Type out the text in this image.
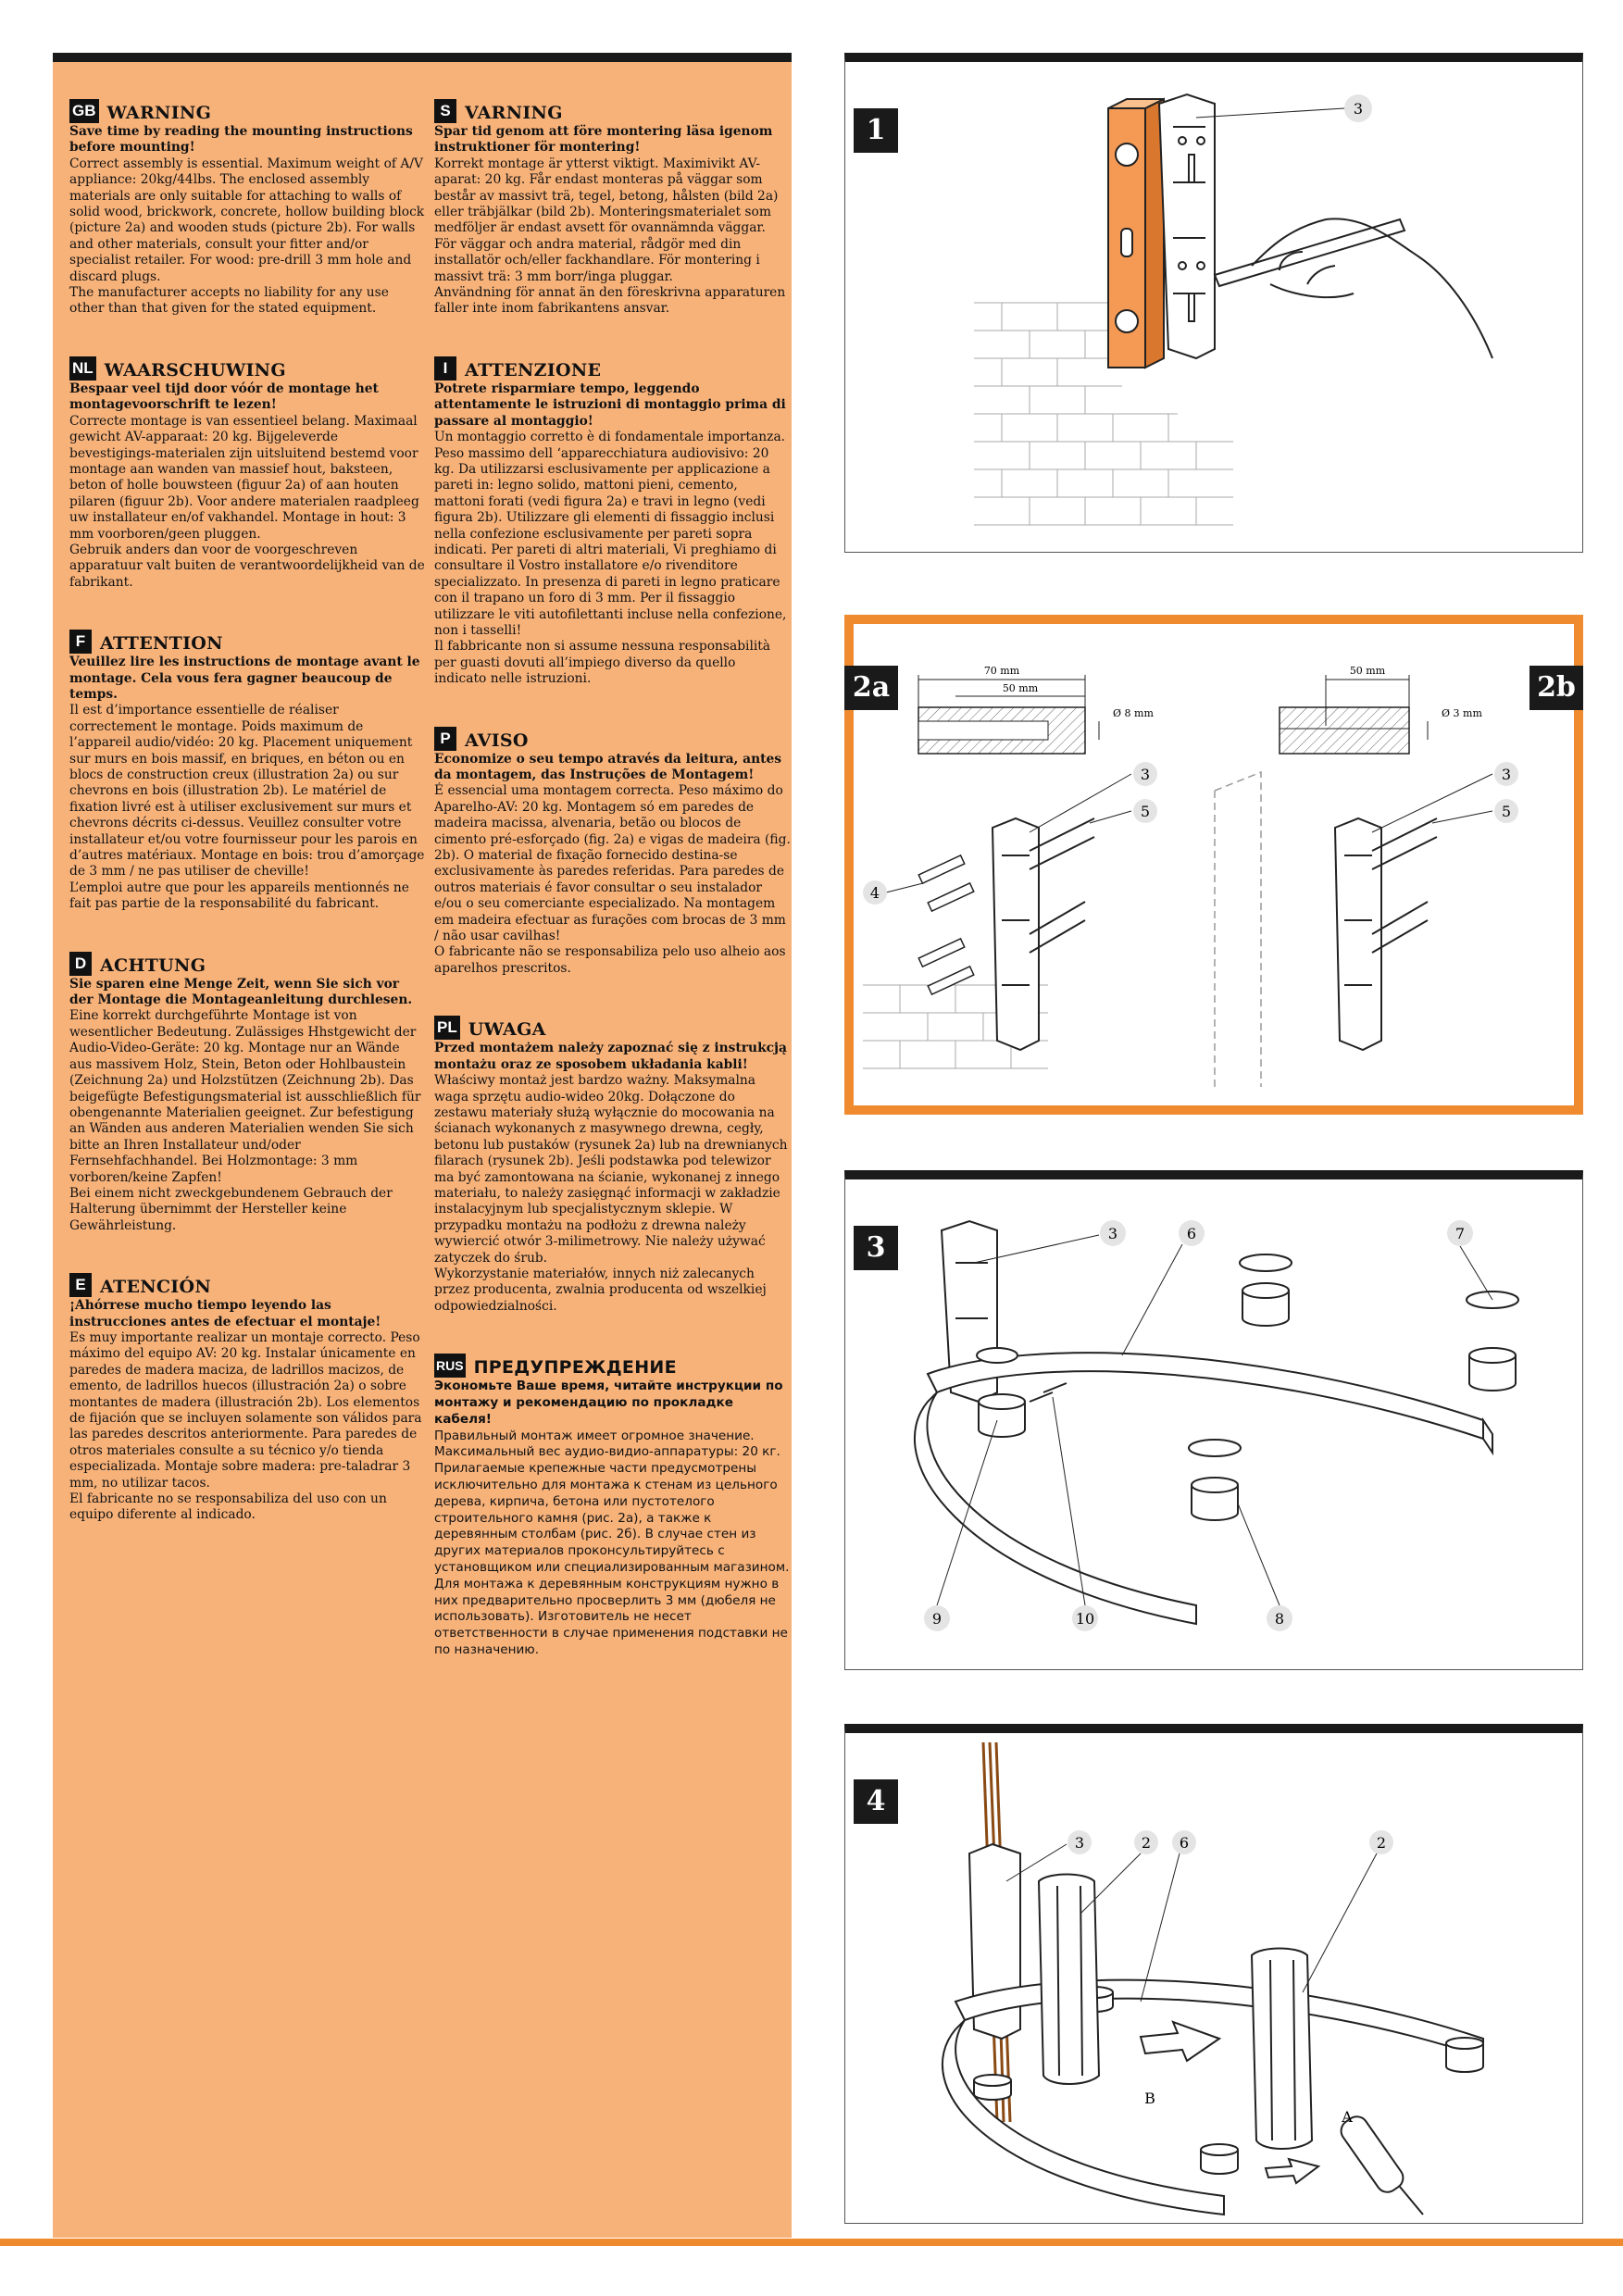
GB WARNING
Save time by reading the mounting instructions before mounting!
Correct assembly is essential. Maximum weight of A/V appliance: 20kg/44lbs. The enclosed assembly materials are only suitable for attaching to walls of solid wood, brickwork, concrete, hollow building block (picture 2a) and wooden studs (picture 2b). For walls and other materials, consult your fitter and/or specialist retailer. For wood: pre-drill 3 mm hole and discard plugs.
The manufacturer accepts no liability for any use other than that given for the stated equipment.
NL WAARSCHUWING
Bespaar veel tijd door vóór de montage het montagevoorschrift te lezen!
Correcte montage is van essentieel belang. Maximaal gewicht AV-apparaat: 20 kg. Bijgeleverde bevestigings-materialen zijn uitsluitend bestemd voor montage aan wanden van massief hout, baksteen, beton of holle bouwsteen (figuur 2a) of aan houten pilaren (figuur 2b). Voor andere materialen raadpleeg uw installateur en/of vakhandel. Montage in hout: 3 mm voorboren/geen pluggen.
Gebruik anders dan voor de voorgeschreven apparatuur valt buiten de verantwoordelijkheid van de fabrikant.
F ATTENTION
Veuillez lire les instructions de montage avant le montage. Cela vous fera gagner beaucoup de temps.
Il est d’importance essentielle de réaliser correctement le montage. Poids maximum de l’appareil audio/vidéo: 20 kg. Placement uniquement sur murs en bois massif, en briques, en béton ou en blocs de construction creux (illustration 2a) ou sur chevrons en bois (illustration 2b). Le matériel de fixation livré est à utiliser exclusivement sur murs et chevrons décrits ci-dessus. Veuillez consulter votre installateur et/ou votre fournisseur pour les parois en d’autres matériaux. Montage en bois: trou d’amorçage de 3 mm / ne pas utiliser de cheville!
L’emploi autre que pour les appareils mentionnés ne fait pas partie de la responsabilité du fabricant.
D ACHTUNG
Sie sparen eine Menge Zeit, wenn Sie sich vor der Montage die Montageanleitung durchlesen.
Eine korrekt durchgeführte Montage ist von wesentlicher Bedeutung. Zulässiges Hhstgewicht der Audio-Video-Geräte: 20 kg. Montage nur an Wände aus massivem Holz, Stein, Beton oder Hohlbaustein (Zeichnung 2a) und Holzstützen (Zeichnung 2b). Das beigefügte Befestigungsmaterial ist ausschließlich für obengenannte Materialien geeignet. Zur befestigung an Wänden aus anderen Materialien wenden Sie sich bitte an Ihren Installateur und/oder Fernsehfachhandel. Bei Holzmontage: 3 mm vorboren/keine Zapfen!
Bei einem nicht zweckgebundenem Gebrauch der Halterung übernimmt der Hersteller keine Gewährleistung.
E ATENCIÓN
¡Ahórrese mucho tiempo leyendo las instrucciones antes de efectuar el montaje!
Es muy importante realizar un montaje correcto. Peso máximo del equipo AV: 20 kg. Instalar únicamente en paredes de madera maciza, de ladrillos macizos, de emento, de ladrillos huecos (illustración 2a) o sobre montantes de madera (illustración 2b). Los elementos de fijación que se incluyen solamente son válidos para las paredes descritos anteriormente. Para paredes de otros materiales consulte a su técnico y/o tienda especializada. Montaje sobre madera: pre-taladrar 3 mm, no utilizar tacos.
El fabricante no se responsabiliza del uso con un equipo diferente al indicado.
S VARNING
Spar tid genom att före montering läsa igenom instruktioner för montering!
Korrekt montage är ytterst viktigt. Maximivikt AV-aparat: 20 kg. Får endast monteras på väggar som består av massivt trä, tegel, betong, hålsten (bild 2a) eller träbjälkar (bild 2b). Monteringsmaterialet som medföljer är endast avsett för ovannämnda väggar. För väggar och andra material, rådgör med din installatör och/eller fackhandlare. För montering i massivt trä: 3 mm borr/inga pluggar.
Användning för annat än den föreskrivna apparaturen faller inte inom fabrikantens ansvar.
I ATTENZIONE
Potrete risparmiare tempo, leggendo attentamente le istruzioni di montaggio prima di passare al montaggio!
Un montaggio corretto è di fondamentale importanza. Peso massimo dell ‘apparecchiatura audiovisivo: 20 kg. Da utilizzarsi esclusivamente per applicazione a pareti in: legno solido, mattoni pieni, cemento, mattoni forati (vedi figura 2a) e travi in legno (vedi figura 2b). Utilizzare gli elementi di fissaggio inclusi nella confezione esclusivamente per pareti sopra indicati. Per pareti di altri materiali, Vi preghiamo di consultare il Vostro installatore e/o rivenditore specializzato. In presenza di pareti in legno praticare con il trapano un foro di 3 mm. Per il fissaggio utilizzare le viti autofilettanti incluse nella confezione, non i tasselli!
Il fabbricante non si assume nessuna responsabilità per guasti dovuti all’impiego diverso da quello indicato nelle istruzioni.
P AVISO
Economize o seu tempo através da leitura, antes da montagem, das Instruções de Montagem!
É essencial uma montagem correcta. Peso máximo do Aparelho-AV: 20 kg. Montagem só em paredes de madeira macissa, alvenaria, betão ou blocos de cimento pré-esforçado (fig. 2a) e vigas de madeira (fig. 2b). O material de fixação fornecido destina-se exclusivamente às paredes referidas. Para paredes de outros materiais é favor consultar o seu instalador e/ou o seu comerciante especializado. Na montagem em madeira efectuar as furações com brocas de 3 mm / não usar cavilhas!
O fabricante não se responsabiliza pelo uso alheio aos aparelhos prescritos.
PL UWAGA
Przed montażem należy zapoznać się z instrukcją montażu oraz ze sposobem układania kabli!
Właściwy montaż jest bardzo ważny. Maksymalna waga sprzętu audio-wideo 20kg. Dołączone do zestawu materiały służą wyłącznie do mocowania na ścianach wykonanych z masywnego drewna, cegły, betonu lub pustaków (rysunek 2a) lub na drewnianych filarach (rysunek 2b). Jeśli podstawka pod telewizor ma być zamontowana na ścianie, wykonanej z innego materiału, to należy zasięgnąć informacji w zakładzie instalacyjnym lub specjalistycznym sklepie. W przypadku montażu na podłożu z drewna należy wywiercić otwór 3-milimetrowy. Nie należy używać zatyczek do śrub.
Wykorzystanie materiałów, innych niż zalecanych przez producenta, zwalnia producenta od wszelkiej odpowiedzialności.
RUS ПРЕДУПРЕЖДЕНИЕ
Экономьте Ваше время, читайте инструкции по монтажу и рекомендацию по прокладке кабеля!
Правильный монтаж имеет огромное значение. Максимальный вес аудио-видио-аппаратуры: 20 кг. Прилагаемые крепежные части предусмотрены исключительно для монтажа к стенам из цельного дерева, кирпича, бетона или пустотелого строительного камня (рис. 2а), а также к деревянным столбам (рис. 2б). В случае стен из других материалов проконсультируйтесь с установщиком или специализированным магазином. Для монтажа к деревянным конструкциям нужно в них предварительно просверлить 3 мм (дюбеля не использовать). Изготовитель не несет ответственности в случае применения подставки не по назначению.
3
1
70 mm
50 mm
Ø 8 mm
50 mm
Ø 3 mm
3
5
4
3
5
2a	2b
3	6	7
9	10	8
3
B
A
3	2 6	2
4
